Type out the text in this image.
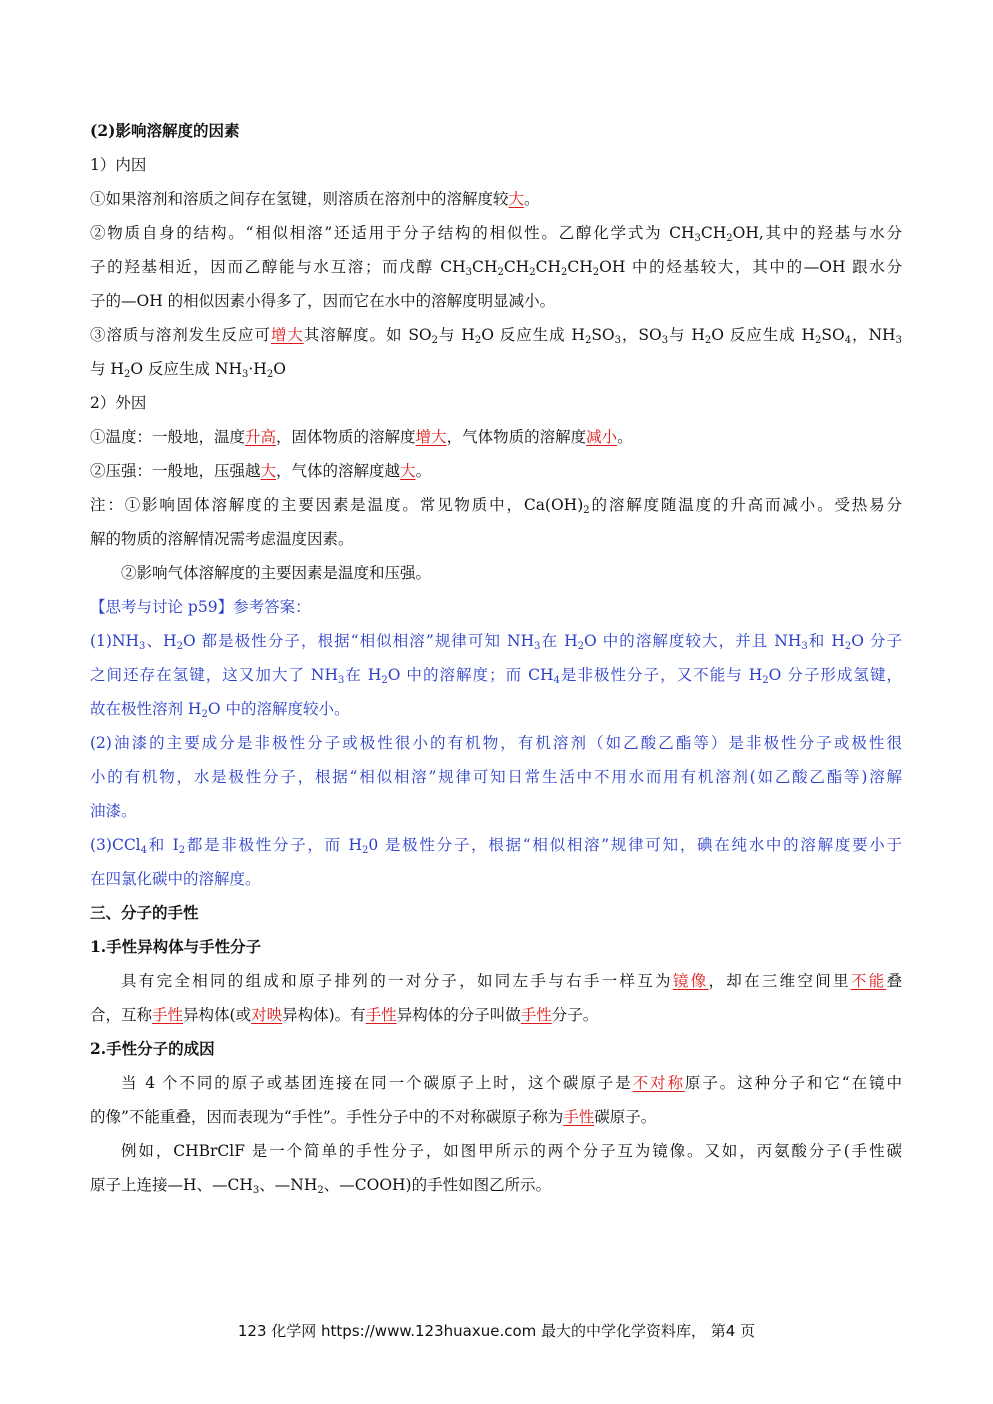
(2)影响溶解度的因素
1）内因
①如果溶剂和溶质之间存在氢键，则溶质在溶剂中的溶解度较大。
②物质自身的结构。“相似相溶”还适用于分子结构的相似性。乙醇化学式为 $CH_3CH_2OH$,其中的羟基与水分
子的羟基相近，因而乙醇能与水互溶；而戊醇 $CH_3CH_2CH_2CH_2CH_2OH$ 中的烃基较大，其中的—OH 跟水分
子的—OH 的相似因素小得多了，因而它在水中的溶解度明显减小。
③溶质与溶剂发生反应可增大其溶解度。如 $SO_2$与 $H_2O$ 反应生成 $H_2SO_3$，$SO_3$与 $H_2O$ 反应生成 $H_2SO_4$，$NH_3$
与 $H_2O$ 反应生成 $NH_3\cdot H_2O$
2）外因
①温度：一般地，温度升高，固体物质的溶解度增大，气体物质的溶解度减小。
②压强：一般地，压强越大，气体的溶解度越大。
注：①影响固体溶解度的主要因素是温度。常见物质中，$Ca(OH)_2$的溶解度随温度的升高而减小。受热易分
解的物质的溶解情况需考虑温度因素。
②影响气体溶解度的主要因素是温度和压强。
【思考与讨论 p59】参考答案：
$(1)NH_3$、$H_2O$ 都是极性分子，根据“相似相溶”规律可知 $NH_3$在 $H_2O$ 中的溶解度较大，并且 $NH_3$和 $H_2O$ 分子
之间还存在氢键，这又加大了 $NH_3$在 $H_2O$ 中的溶解度；而 $CH_4$是非极性分子，又不能与 $H_2O$ 分子形成氢键，
故在极性溶剂 $H_2O$ 中的溶解度较小。
(2)油漆的主要成分是非极性分子或极性很小的有机物，有机溶剂（如乙酸乙酯等）是非极性分子或极性很
小的有机物，水是极性分子，根据“相似相溶”规律可知日常生活中不用水而用有机溶剂(如乙酸乙酯等)溶解
油漆。
(3)CCl$_4$和 $I_2$都是非极性分子，而 $H_20$ 是极性分子，根据“相似相溶”规律可知，碘在纯水中的溶解度要小于
在四氯化碳中的溶解度。
三、分子的手性
1.手性异构体与手性分子
具有完全相同的组成和原子排列的一对分子，如同左手与右手一样互为镜像，却在三维空间里不能叠
合，互称手性异构体(或对映异构体)。有手性异构体的分子叫做手性分子。
2.手性分子的成因
当 4 个不同的原子或基团连接在同一个碳原子上时，这个碳原子是不对称原子。这种分子和它“在镜中
的像”不能重叠，因而表现为“手性”。手性分子中的不对称碳原子称为手性碳原子。
例如，CHBrClF 是一个简单的手性分子，如图甲所示的两个分子互为镜像。又如，丙氨酸分子(手性碳
原子上连接—H、$—CH_3$、$—NH_2$、—COOH)的手性如图乙所示。
123 化学网 https://www.123huaxue.com 最大的中学化学资料库， 第4 页
